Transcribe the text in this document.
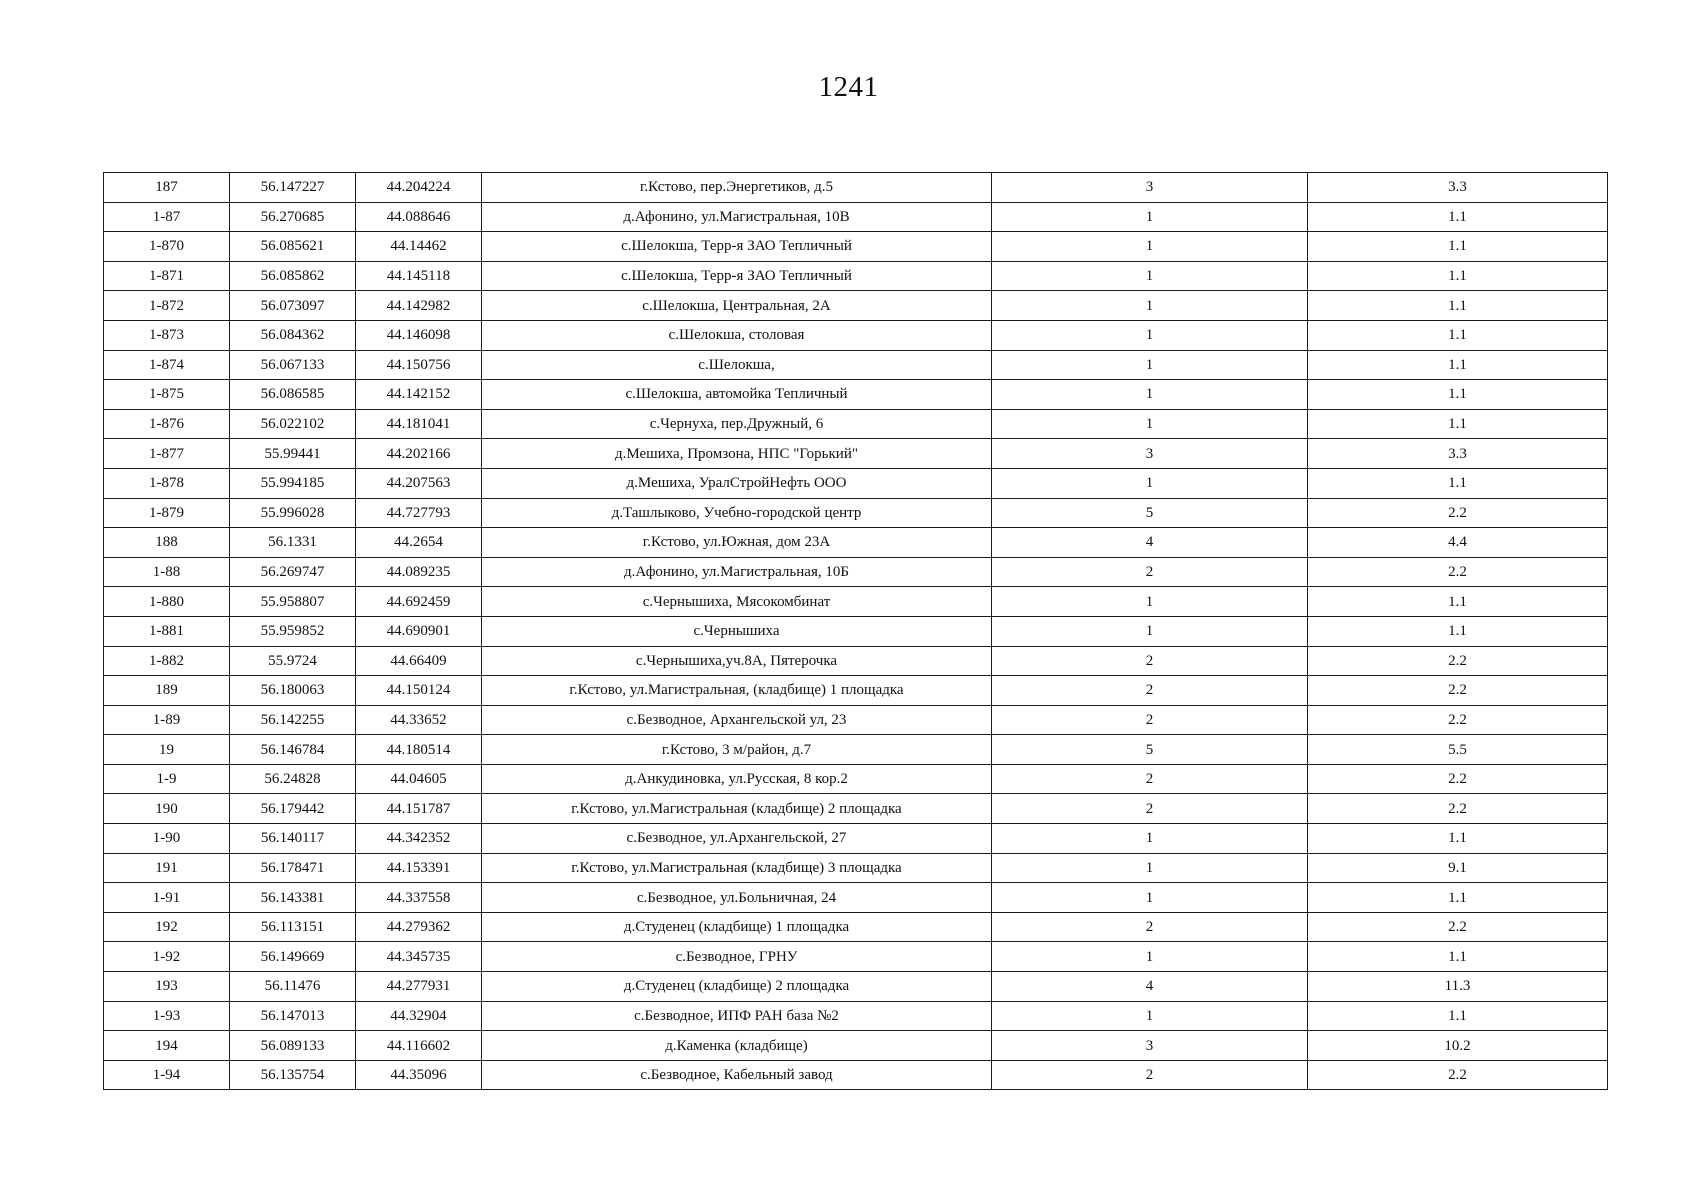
1241
187	56.147227	44.204224	г.Кстово, пер.Энергетиков, д.5	3	3.3
1-87	56.270685	44.088646	д.Афонино, ул.Магистральная, 10В	1	1.1
1-870	56.085621	44.14462	с.Шелокша, Терр-я ЗАО Тепличный	1	1.1
1-871	56.085862	44.145118	с.Шелокша, Терр-я ЗАО Тепличный	1	1.1
1-872	56.073097	44.142982	с.Шелокша, Центральная, 2А	1	1.1
1-873	56.084362	44.146098	с.Шелокша, столовая	1	1.1
1-874	56.067133	44.150756	с.Шелокша,	1	1.1
1-875	56.086585	44.142152	с.Шелокша, автомойка Тепличный	1	1.1
1-876	56.022102	44.181041	с.Чернуха, пер.Дружный, 6	1	1.1
1-877	55.99441	44.202166	д.Мешиха, Промзона, НПС "Горький"	3	3.3
1-878	55.994185	44.207563	д.Мешиха, УралСтройНефть ООО	1	1.1
1-879	55.996028	44.727793	д.Ташлыково, Учебно-городской центр	5	2.2
188	56.1331	44.2654	г.Кстово, ул.Южная, дом 23А	4	4.4
1-88	56.269747	44.089235	д.Афонино, ул.Магистральная, 10Б	2	2.2
1-880	55.958807	44.692459	с.Чернышиха, Мясокомбинат	1	1.1
1-881	55.959852	44.690901	с.Чернышиха	1	1.1
1-882	55.9724	44.66409	с.Чернышиха,уч.8А, Пятерочка	2	2.2
189	56.180063	44.150124	г.Кстово, ул.Магистральная, (кладбище) 1 площадка	2	2.2
1-89	56.142255	44.33652	с.Безводное, Архангельской ул, 23	2	2.2
19	56.146784	44.180514	г.Кстово, 3 м/район, д.7	5	5.5
1-9	56.24828	44.04605	д.Анкудиновка, ул.Русская, 8 кор.2	2	2.2
190	56.179442	44.151787	г.Кстово, ул.Магистральная (кладбище) 2 площадка	2	2.2
1-90	56.140117	44.342352	с.Безводное, ул.Архангельской, 27	1	1.1
191	56.178471	44.153391	г.Кстово, ул.Магистральная (кладбище) 3 площадка	1	9.1
1-91	56.143381	44.337558	с.Безводное, ул.Больничная, 24	1	1.1
192	56.113151	44.279362	д.Студенец (кладбище) 1 площадка	2	2.2
1-92	56.149669	44.345735	с.Безводное, ГРНУ	1	1.1
193	56.11476	44.277931	д.Студенец (кладбище) 2 площадка	4	11.3
1-93	56.147013	44.32904	с.Безводное, ИПФ РАН база №2	1	1.1
194	56.089133	44.116602	д.Каменка (кладбище)	3	10.2
1-94	56.135754	44.35096	с.Безводное, Кабельный завод	2	2.2
